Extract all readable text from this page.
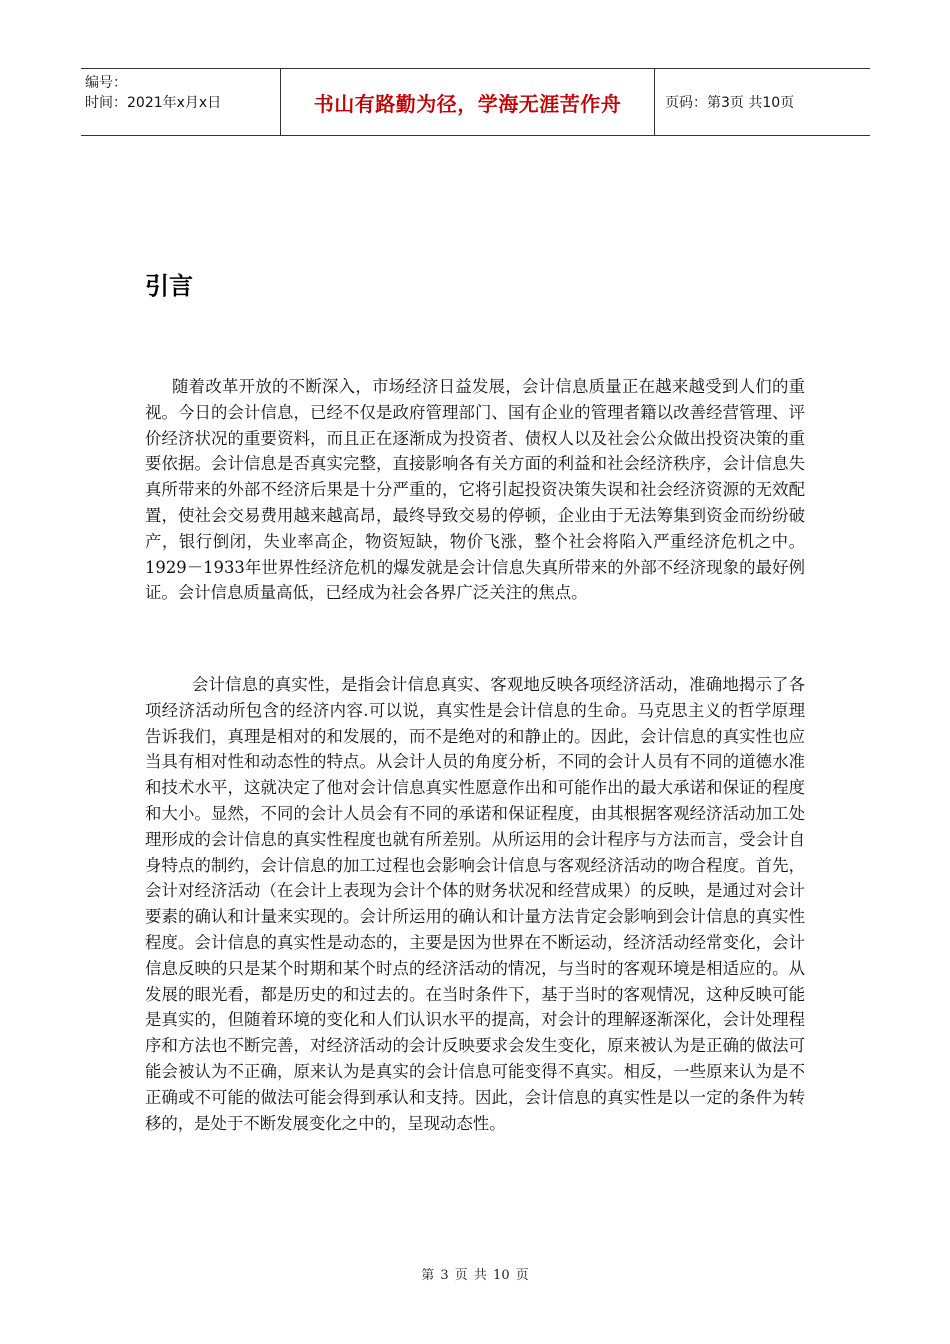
编号：
时间：2021年x月x日	书山有路勤为径，学海无涯苦作舟	页码：第3页 共10页
引言

随着改革开放的不断深入，市场经济日益发展，会计信息质量正在越来越受到人们的重视。今日的会计信息，已经不仅是政府管理部门、国有企业的管理者籍以改善经营管理、评价经济状况的重要资料，而且正在逐渐成为投资者、债权人以及社会公众做出投资决策的重要依据。会计信息是否真实完整，直接影响各有关方面的利益和社会经济秩序，会计信息失真所带来的外部不经济后果是十分严重的，它将引起投资决策失误和社会经济资源的无效配置，使社会交易费用越来越高昂，最终导致交易的停顿，企业由于无法筹集到资金而纷纷破产，银行倒闭，失业率高企，物资短缺，物价飞涨，整个社会将陷入严重经济危机之中。1929－1933年世界性经济危机的爆发就是会计信息失真所带来的外部不经济现象的最好例证。会计信息质量高低，已经成为社会各界广泛关注的焦点。

会计信息的真实性，是指会计信息真实、客观地反映各项经济活动，准确地揭示了各项经济活动所包含的经济内容.可以说，真实性是会计信息的生命。马克思主义的哲学原理告诉我们，真理是相对的和发展的，而不是绝对的和静止的。因此，会计信息的真实性也应当具有相对性和动态性的特点。从会计人员的角度分析，不同的会计人员有不同的道德水准和技术水平，这就决定了他对会计信息真实性愿意作出和可能作出的最大承诺和保证的程度和大小。显然，不同的会计人员会有不同的承诺和保证程度，由其根据客观经济活动加工处理形成的会计信息的真实性程度也就有所差别。从所运用的会计程序与方法而言，受会计自身特点的制约，会计信息的加工过程也会影响会计信息与客观经济活动的吻合程度。首先，会计对经济活动（在会计上表现为会计个体的财务状况和经营成果）的反映，是通过对会计要素的确认和计量来实现的。会计所运用的确认和计量方法肯定会影响到会计信息的真实性程度。会计信息的真实性是动态的，主要是因为世界在不断运动，经济活动经常变化，会计信息反映的只是某个时期和某个时点的经济活动的情况，与当时的客观环境是相适应的。从发展的眼光看，都是历史的和过去的。在当时条件下，基于当时的客观情况，这种反映可能是真实的，但随着环境的变化和人们认识水平的提高，对会计的理解逐渐深化，会计处理程序和方法也不断完善，对经济活动的会计反映要求会发生变化，原来被认为是正确的做法可能会被认为不正确，原来认为是真实的会计信息可能变得不真实。相反，一些原来认为是不正确或不可能的做法可能会得到承认和支持。因此，会计信息的真实性是以一定的条件为转移的，是处于不断发展变化之中的，呈现动态性。

第 3 页 共 10 页
